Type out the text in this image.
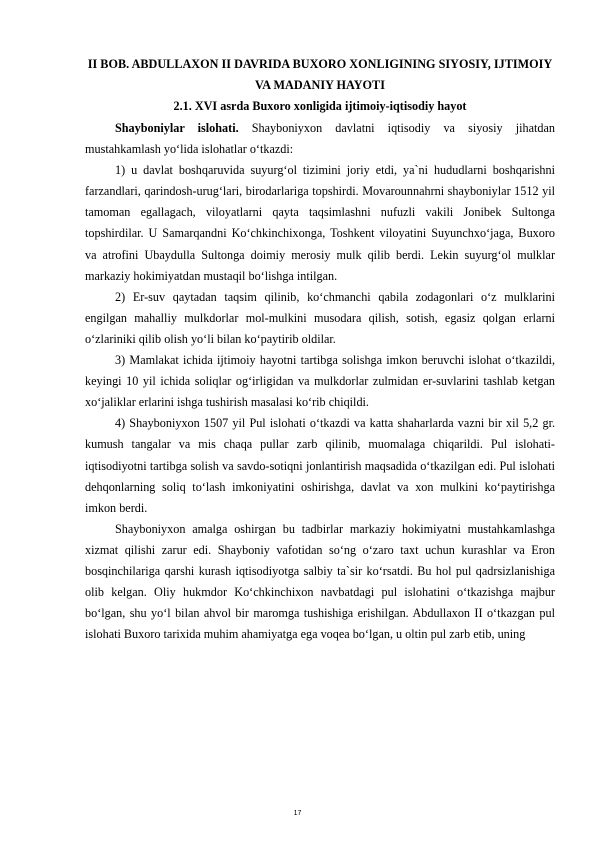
II BOB. ABDULLAXON II DAVRIDA BUXORO XONLIGINING SIYOSIY, IJTIMOIY VA MADANIY HAYOTI
2.1. XVI asrda Buxoro xonligida ijtimoiy-iqtisodiy hayot

Shayboniylar islohati. Shayboniyxon davlatni iqtisodiy va siyosiy jihatdan mustahkamlash yo‘lida islohatlar o‘tkazdi:

1) u davlat boshqaruvida suyurg‘ol tizimini joriy etdi, ya`ni hududlarni boshqarishni farzandlari, qarindosh-urug‘lari, birodarlariga topshirdi. Movarounnahrni shayboniylar 1512 yil tamoman egallagach, viloyatlarni qayta taqsimlashni nufuzli vakili Jonibek Sultonga topshirdilar. U Samarqandni Ko‘chkinchixonga, Toshkent viloyatini Suyunchxo‘jaga, Buxoro va atrofini Ubaydulla Sultonga doimiy merosiy mulk qilib berdi. Lekin suyurg‘ol mulklar markaziy hokimiyatdan mustaqil bo‘lishga intilgan.

2) Er-suv qaytadan taqsim qilinib, ko‘chmanchi qabila zodagonlari o‘z mulklarini engilgan mahalliy mulkdorlar mol-mulkini musodara qilish, sotish, egasiz qolgan erlarni o‘zlariniki qilib olish yo‘li bilan ko‘paytirib oldilar.

3) Mamlakat ichida ijtimoiy hayotni tartibga solishga imkon beruvchi islohat o‘tkazildi, keyingi 10 yil ichida soliqlar og‘irligidan va mulkdorlar zulmidan er-suvlarini tashlab ketgan xo‘jaliklar erlarini ishga tushirish masalasi ko‘rib chiqildi.

4) Shayboniyxon 1507 yil Pul islohati o‘tkazdi va katta shaharlarda vazni bir xil 5,2 gr. kumush tangalar va mis chaqa pullar zarb qilinib, muomalaga chiqarildi. Pul islohati-iqtisodiyotni tartibga solish va savdo-sotiqni jonlantirish maqsadida o‘tkazilgan edi. Pul islohati dehqonlarning soliq to‘lash imkoniyatini oshirishga, davlat va xon mulkini ko‘paytirishga imkon berdi.

Shayboniyxon amalga oshirgan bu tadbirlar markaziy hokimiyatni mustahkamlashga xizmat qilishi zarur edi. Shayboniy vafotidan so‘ng o‘zaro taxt uchun kurashlar va Eron bosqinchilariga qarshi kurash iqtisodiyotga salbiy ta`sir ko‘rsatdi. Bu hol pul qadrsizlanishiga olib kelgan. Oliy hukmdor Ko‘chkinchixon navbatdagi pul islohatini o‘tkazishga majbur bo‘lgan, shu yo‘l bilan ahvol bir maromga tushishiga erishilgan. Abdullaxon II o‘tkazgan pul islohati Buxoro tarixida muhim ahamiyatga ega voqea bo‘lgan, u oltin pul zarb etib, uning

17
